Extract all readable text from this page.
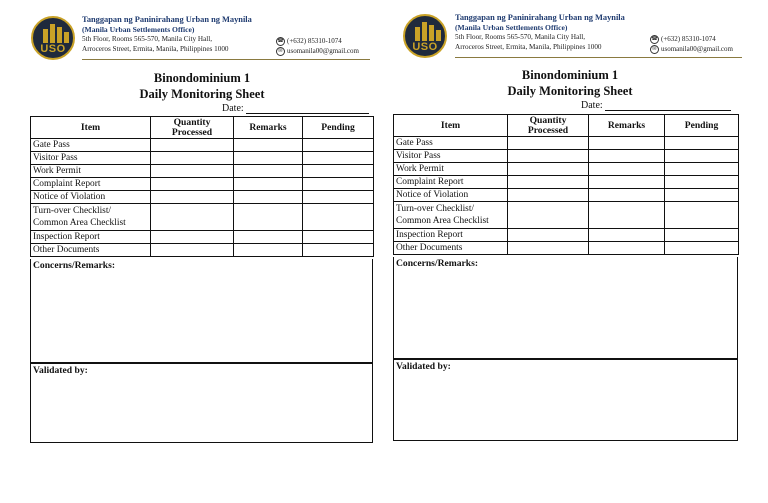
USO
Tanggapan ng Paninirahang Urban ng Maynila
(Manila Urban Settlements Office)
5th Floor, Rooms 565-570, Manila City Hall,
Arroceros Street, Ermita, Manila, Philippines 1000
☎ (+632) 85310-1074
✉ usomanila00@gmail.com
Binondominium 1
Daily Monitoring Sheet
Date:
Item	Quantity Processed	Remarks	Pending
Gate Pass			
Visitor Pass			
Work Permit			
Complaint Report			
Notice of Violation			

Turn-over Checklist/
Common Area Checklist			

Inspection Report			
Other Documents			
Concerns/Remarks:
Validated by:
USO
Tanggapan ng Paninirahang Urban ng Maynila
(Manila Urban Settlements Office)
5th Floor, Rooms 565-570, Manila City Hall,
Arroceros Street, Ermita, Manila, Philippines 1000
☎ (+632) 85310-1074
✉ usomanila00@gmail.com
Binondominium 1
Daily Monitoring Sheet
Date:
Item	Quantity Processed	Remarks	Pending
Gate Pass			
Visitor Pass			
Work Permit			
Complaint Report			
Notice of Violation			

Turn-over Checklist/
Common Area Checklist			

Inspection Report			
Other Documents			
Concerns/Remarks:
Validated by:
